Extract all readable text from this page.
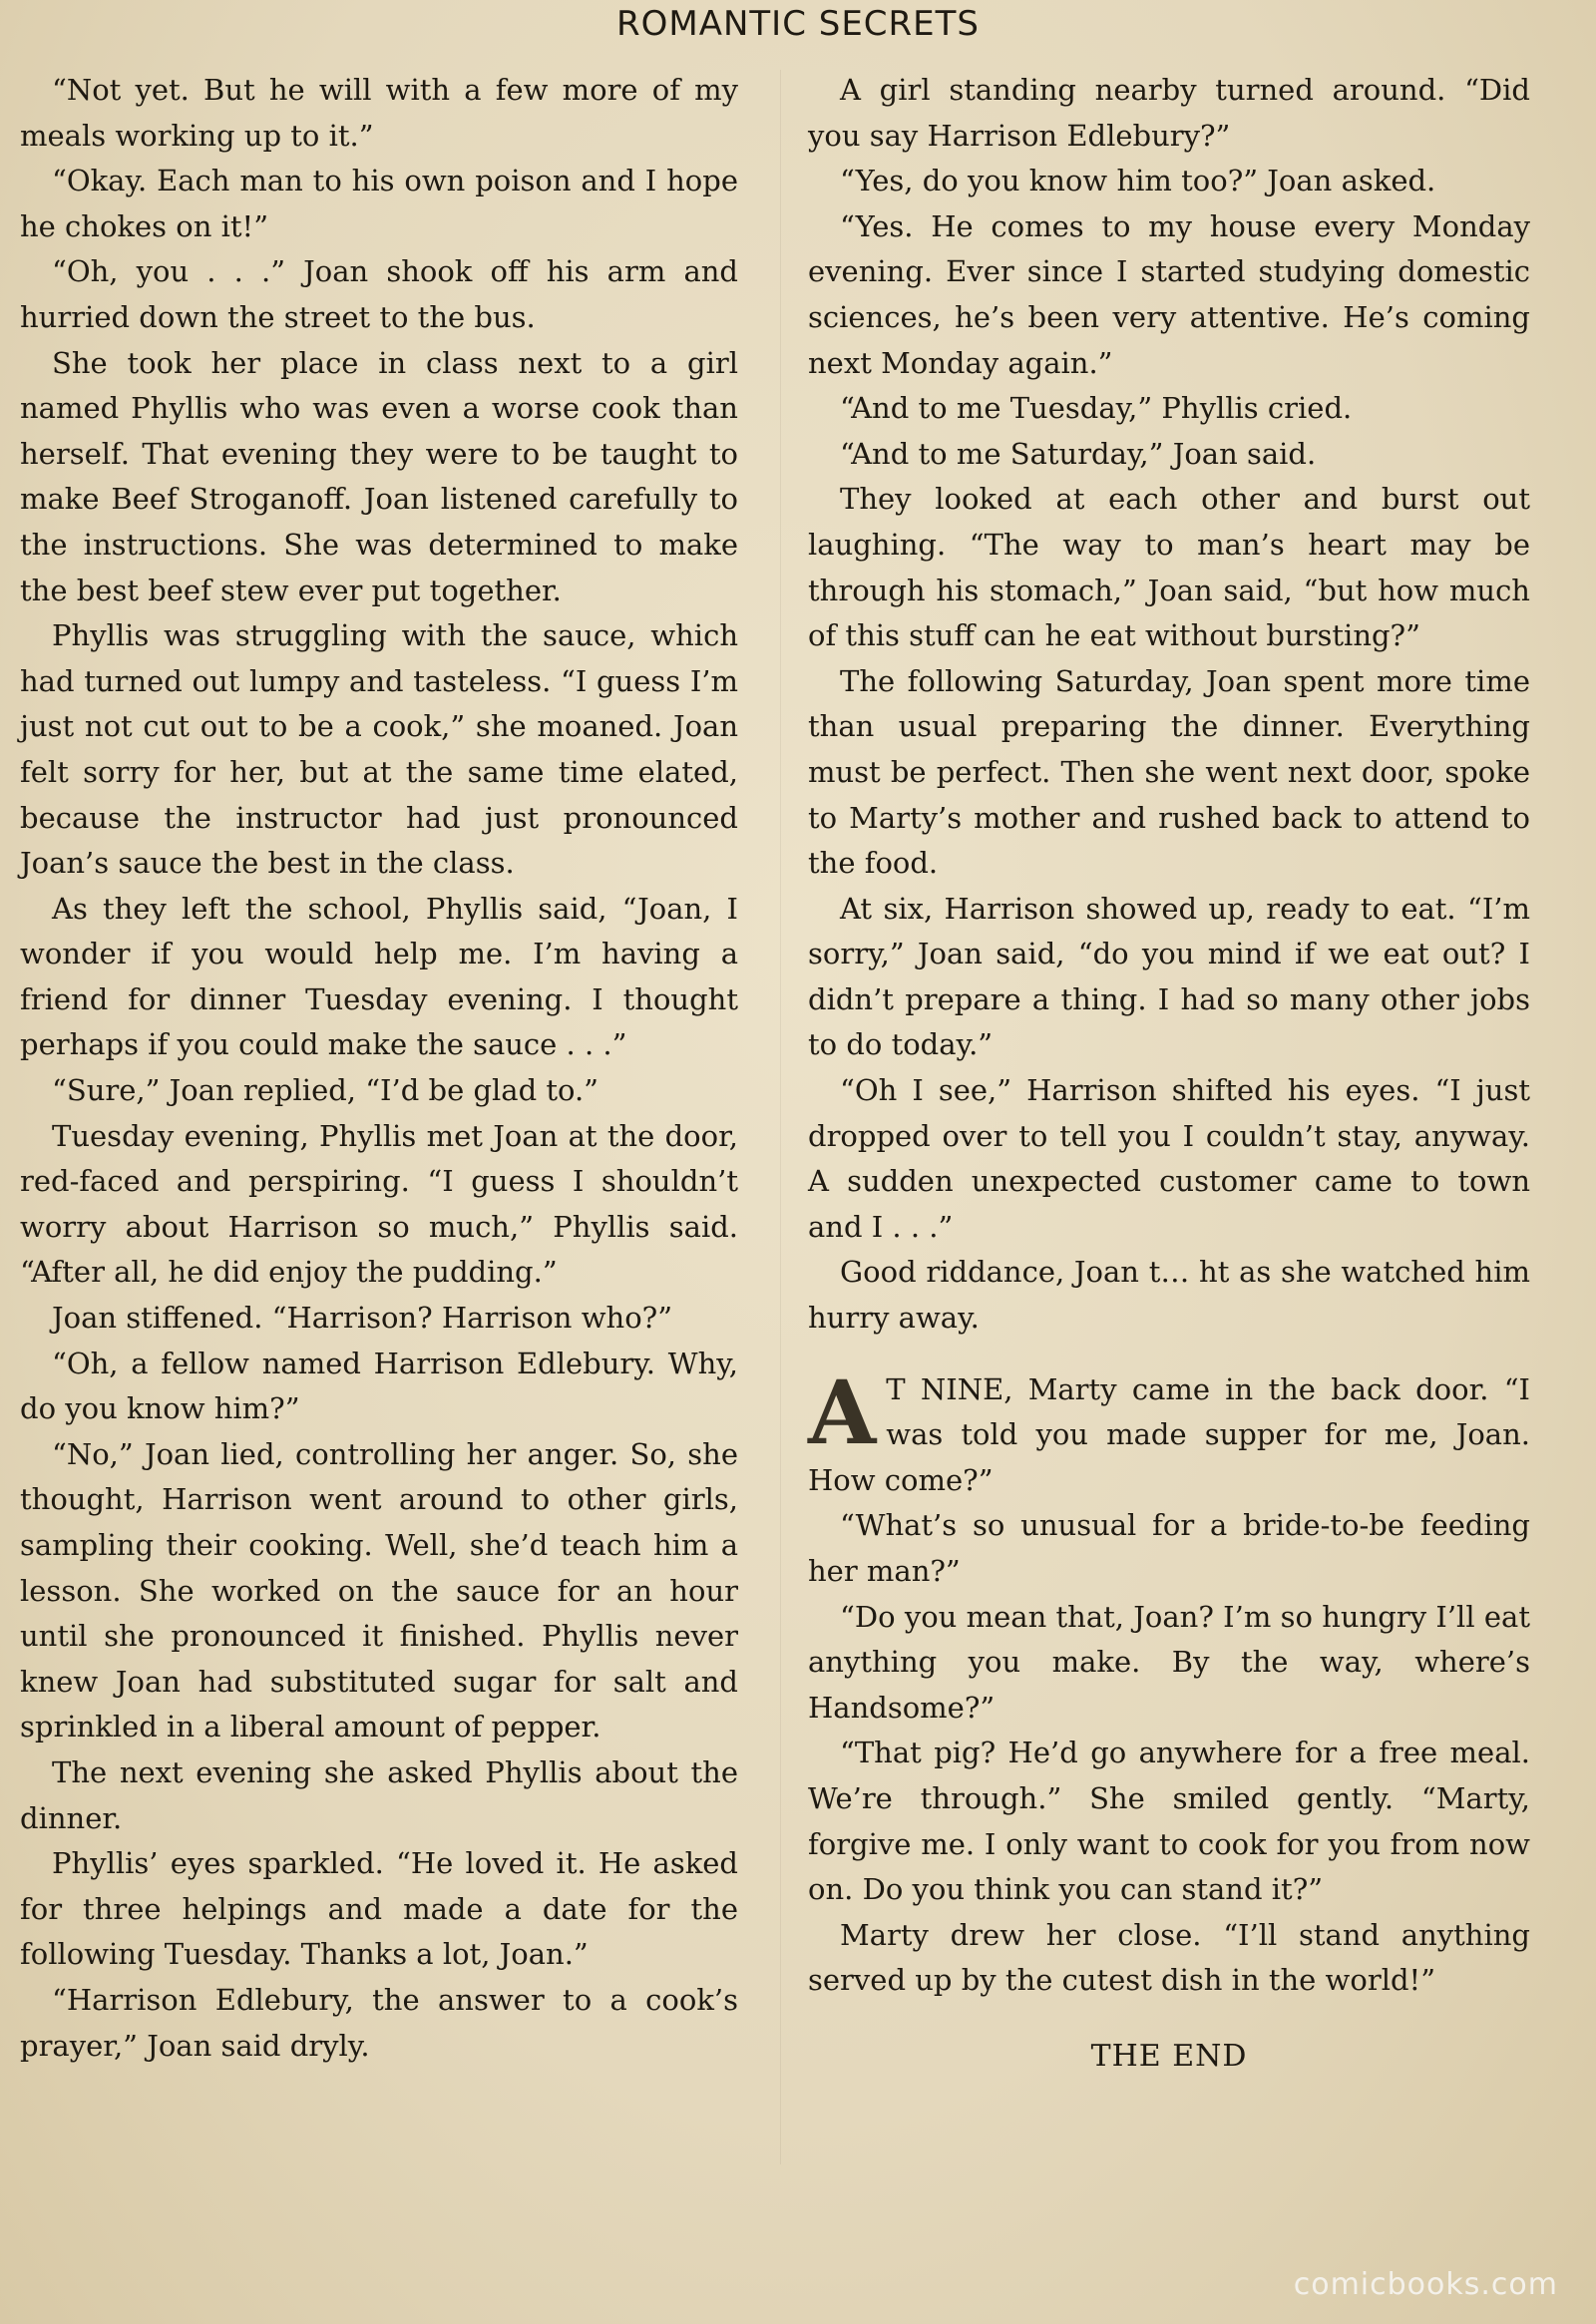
ROMANTIC SECRETS

“Not yet. But he will with a few more of my meals working up to it.”

“Okay. Each man to his own poison and I hope he chokes on it!”

“Oh, you . . .” Joan shook off his arm and hurried down the street to the bus.

She took her place in class next to a girl named Phyllis who was even a worse cook than herself. That evening they were to be taught to make Beef Stroganoff. Joan listened carefully to the instructions. She was determined to make the best beef stew ever put together.

Phyllis was struggling with the sauce, which had turned out lumpy and tasteless. “I guess I’m just not cut out to be a cook,” she moaned. Joan felt sorry for her, but at the same time elated, because the instructor had just pronounced Joan’s sauce the best in the class.

As they left the school, Phyllis said, “Joan, I wonder if you would help me. I’m having a friend for dinner Tuesday evening. I thought perhaps if you could make the sauce . . .”

“Sure,” Joan replied, “I’d be glad to.”

Tuesday evening, Phyllis met Joan at the door, red-faced and perspiring. “I guess I shouldn’t worry about Harrison so much,” Phyllis said. “After all, he did enjoy the pudding.”

Joan stiffened. “Harrison? Harrison who?”

“Oh, a fellow named Harrison Edlebury. Why, do you know him?”

“No,” Joan lied, controlling her anger. So, she thought, Harrison went around to other girls, sampling their cooking. Well, she’d teach him a lesson. She worked on the sauce for an hour until she pronounced it finished. Phyllis never knew Joan had substituted sugar for salt and sprinkled in a liberal amount of pepper.

The next evening she asked Phyllis about the dinner.

Phyllis’ eyes sparkled. “He loved it. He asked for three helpings and made a date for the following Tuesday. Thanks a lot, Joan.”

“Harrison Edlebury, the answer to a cook’s prayer,” Joan said dryly.

A girl standing nearby turned around. “Did you say Harrison Edlebury?”

“Yes, do you know him too?” Joan asked.

“Yes. He comes to my house every Monday evening. Ever since I started studying domestic sciences, he’s been very attentive. He’s coming next Monday again.”

“And to me Tuesday,” Phyllis cried.

“And to me Saturday,” Joan said.

They looked at each other and burst out laughing. “The way to man’s heart may be through his stomach,” Joan said, “but how much of this stuff can he eat without bursting?”

The following Saturday, Joan spent more time than usual preparing the dinner. Everything must be perfect. Then she went next door, spoke to Marty’s mother and rushed back to attend to the food.

At six, Harrison showed up, ready to eat. “I’m sorry,” Joan said, “do you mind if we eat out? I didn’t prepare a thing. I had so many other jobs to do today.”

“Oh I see,” Harrison shifted his eyes. “I just dropped over to tell you I couldn’t stay, anyway. A sudden unexpected customer came to town and I . . .”

Good riddance, Joan t… ht as she watched him hurry away.

A T NINE, Marty came in the back door. “I was told you made supper for me, Joan. How come?”

“What’s so unusual for a bride-to-be feeding her man?”

“Do you mean that, Joan? I’m so hungry I’ll eat anything you make. By the way, where’s Handsome?”

“That pig? He’d go anywhere for a free meal. We’re through.” She smiled gently. “Marty, forgive me. I only want to cook for you from now on. Do you think you can stand it?”

Marty drew her close. “I’ll stand anything served up by the cutest dish in the world!”

THE END
comicbooks.com
